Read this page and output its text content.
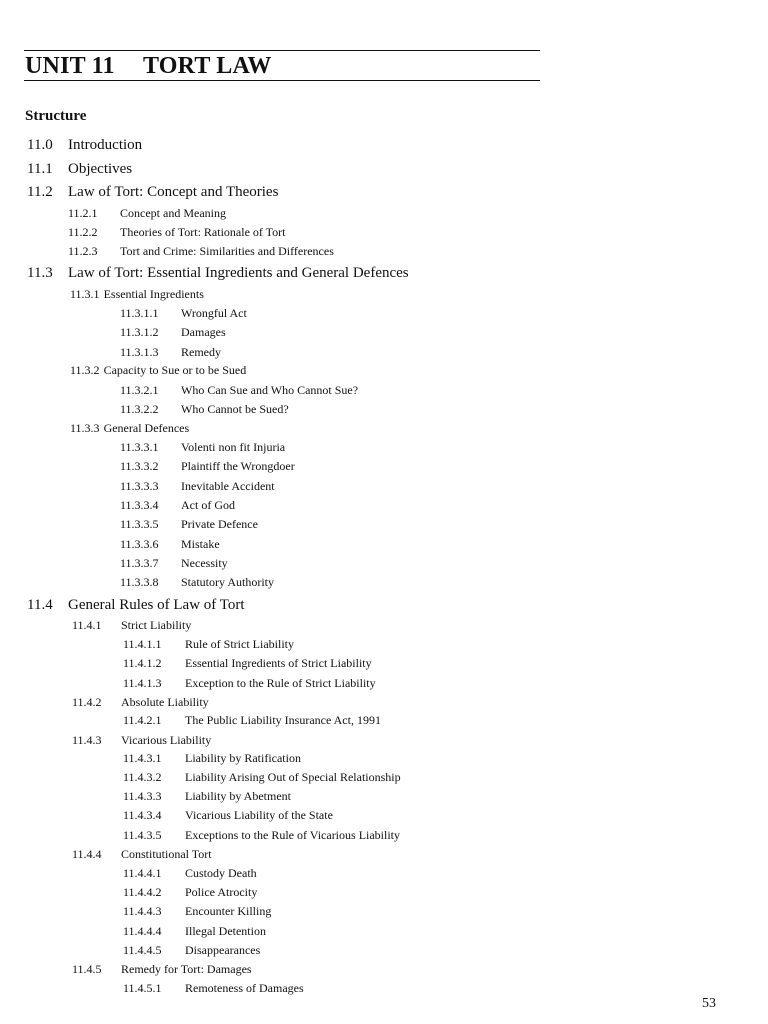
UNIT 11 TORT LAW
Structure
11.0 Introduction
11.1 Objectives
11.2 Law of Tort: Concept and Theories
11.2.1 Concept and Meaning
11.2.2 Theories of Tort: Rationale of Tort
11.2.3 Tort and Crime: Similarities and Differences
11.3 Law of Tort: Essential Ingredients and General Defences
11.3.1 Essential Ingredients
11.3.1.1 Wrongful Act
11.3.1.2 Damages
11.3.1.3 Remedy
11.3.2 Capacity to Sue or to be Sued
11.3.2.1 Who Can Sue and Who Cannot Sue?
11.3.2.2 Who Cannot be Sued?
11.3.3 General Defences
11.3.3.1 Volenti non fit Injuria
11.3.3.2 Plaintiff the Wrongdoer
11.3.3.3 Inevitable Accident
11.3.3.4 Act of God
11.3.3.5 Private Defence
11.3.3.6 Mistake
11.3.3.7 Necessity
11.3.3.8 Statutory Authority
11.4 General Rules of Law of Tort
11.4.1 Strict Liability
11.4.1.1 Rule of Strict Liability
11.4.1.2 Essential Ingredients of Strict Liability
11.4.1.3 Exception to the Rule of Strict Liability
11.4.2 Absolute Liability
11.4.2.1 The Public Liability Insurance Act, 1991
11.4.3 Vicarious Liability
11.4.3.1 Liability by Ratification
11.4.3.2 Liability Arising Out of Special Relationship
11.4.3.3 Liability by Abetment
11.4.3.4 Vicarious Liability of the State
11.4.3.5 Exceptions to the Rule of Vicarious Liability
11.4.4 Constitutional Tort
11.4.4.1 Custody Death
11.4.4.2 Police Atrocity
11.4.4.3 Encounter Killing
11.4.4.4 Illegal Detention
11.4.4.5 Disappearances
11.4.5 Remedy for Tort: Damages
11.4.5.1 Remoteness of Damages
53
